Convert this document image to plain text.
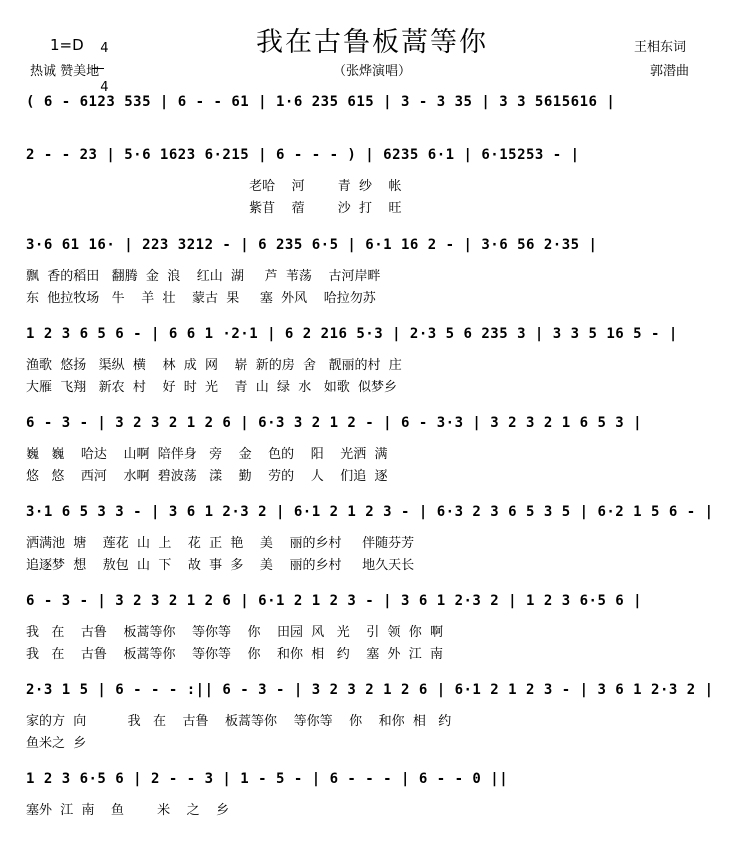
我在古鲁板蒿等你
1=D	4

4

热诚 赞美地	（张烨演唱）
王相东词
郭潜曲
( 6 - 6123 535 | 6 - - 61 | 1·6 235 615 | 3 - 3 35 | 3 3 5615616 |
2 - - 23 | 5·6 1623 6·215 | 6 - - - ) | 6235 6·1 | 6·15253 - |
老哈    河        青  纱    帐
紫苜    蓿        沙  打    旺
3·6 61 16· | 223 3212 - | 6 235 6·5 | 6·1 16 2 - | 3·6 56 2·35 |
飘  香的稻田   翻腾  金  浪    红山  湖     芦  苇荡    古河岸畔
东  他拉牧场   牛    羊  壮    蒙古  果     塞  外风    哈拉勿苏
1 2 3 6 5 6 - | 6 6 1 ·2·1 | 6 2 216 5·3 | 2·3 5 6 235 3 | 3 3 5 16 5 - |
渔歌  悠扬   渠纵  横    林  成  网    崭  新的房  舍   靓丽的村  庄
大雁  飞翔   新农  村    好  时  光    青  山  绿  水   如歌  似梦乡
6 - 3 - | 3 2 3 2 1 2 6 | 6·3 3 2 1 2 - | 6 - 3·3 | 3 2 3 2 1 6 5 3 |
巍   巍    哈达    山啊  陪伴身   旁    金    色的    阳    光洒  满
悠   悠    西河    水啊  碧波荡   漾    勤    劳的    人    们追  逐
3·1 6 5 3 3 - | 3 6 1 2·3 2 | 6·1 2 1 2 3 - | 6·3 2 3 6 5 3 5 | 6·2 1 5 6 - |
洒满池  塘    莲花  山  上    花  正  艳    美    丽的乡村     伴随芬芳
追逐梦  想    敖包  山  下    故  事  多    美    丽的乡村     地久天长
6 - 3 - | 3 2 3 2 1 2 6 | 6·1 2 1 2 3 - | 3 6 1 2·3 2 | 1 2 3 6·5 6 |
我   在    古鲁    板蒿等你    等你等    你    田园  风   光    引  领  你  啊
我   在    古鲁    板蒿等你    等你等    你    和你  相   约    塞  外  江  南
2·3 1 5 | 6 - - - :|| 6 - 3 - | 3 2 3 2 1 2 6 | 6·1 2 1 2 3 - | 3 6 1 2·3 2 |
家的方  向          我   在    古鲁    板蒿等你    等你等    你    和你  相   约
鱼米之  乡
1 2 3 6·5 6 | 2 - - 3 | 1 - 5 - | 6 - - - | 6 - - 0 ||
塞外  江  南    鱼        米    之    乡
